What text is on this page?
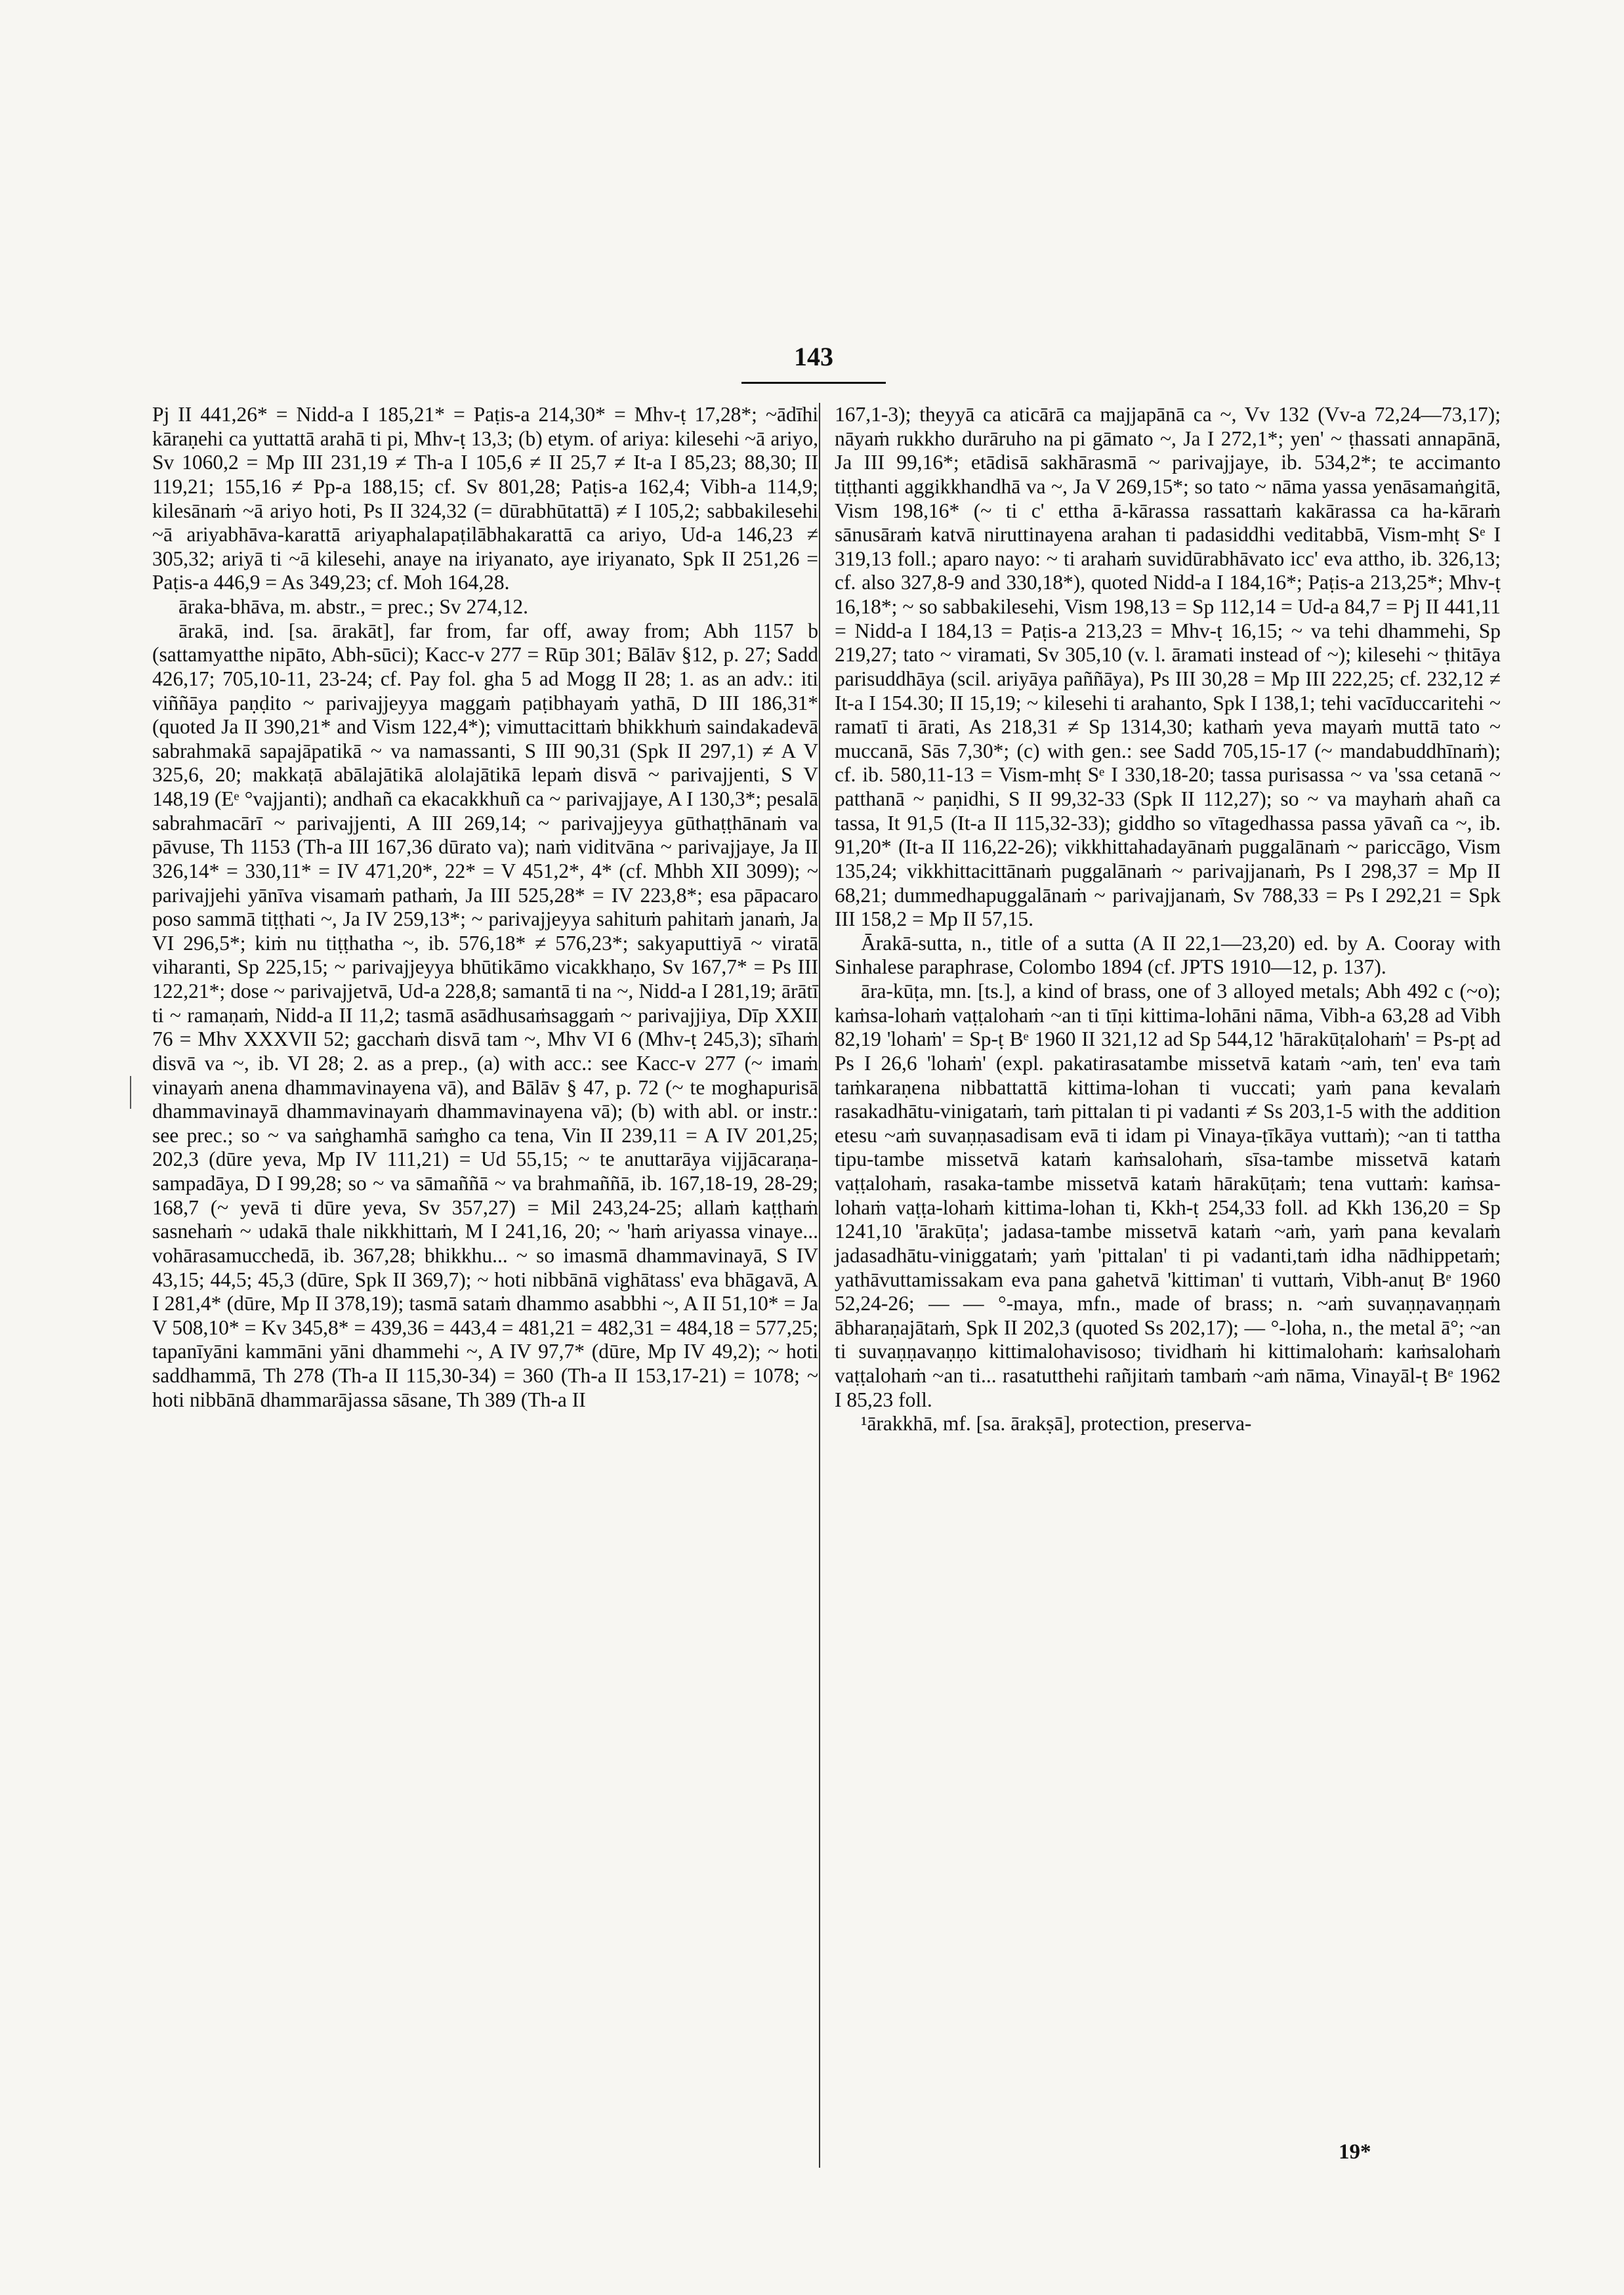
143

Pj II 441,26* = Nidd-a I 185,21* = Paṭis-a 214,30* = Mhv-ṭ 17,28*; ~ādīhi kāraṇehi ca yuttattā arahā ti pi, Mhv-ṭ 13,3; (b) etym. of ariya: kilesehi ~ā ariyo, Sv 1060,2 = Mp III 231,19 ≠ Th-a I 105,6 ≠ II 25,7 ≠ It-a I 85,23; 88,30; II 119,21; 155,16 ≠ Pp-a 188,15; cf. Sv 801,28; Paṭis-a 162,4; Vibh-a 114,9; kilesānaṁ ~ā ariyo hoti, Ps II 324,32 (= dūrabhūtattā) ≠ I 105,2; sabbakilesehi ~ā ariyabhāva-karattā ariyaphalapaṭilābhakarattā ca ariyo, Ud-a 146,23 ≠ 305,32; ariyā ti ~ā kilesehi, anaye na iriyanato, aye iriyanato, Spk II 251,26 = Paṭis-a 446,9 = As 349,23; cf. Moh 164,28.

āraka-bhāva, m. abstr., = prec.; Sv 274,12.

ārakā, ind. [sa. ārakāt], far from, far off, away from; Abh 1157 b (sattamyatthe nipāto, Abh-sūci); Kacc-v 277 = Rūp 301; Bālāv §12, p. 27; Sadd 426,17; 705,10-11, 23-24; cf. Pay fol. gha 5 ad Mogg II 28; 1. as an adv.: iti viññāya paṇḍito ~ parivajjeyya maggaṁ paṭibhayaṁ yathā, D III 186,31* (quoted Ja II 390,21* and Vism 122,4*); vimuttacittaṁ bhikkhuṁ saindakadevā sabrahmakā sapajāpatikā ~ va namassanti, S III 90,31 (Spk II 297,1) ≠ A V 325,6, 20; makkaṭā abālajātikā alolajātikā lepaṁ disvā ~ parivajjenti, S V 148,19 (Eᵉ °vajjanti); andhañ ca ekacakkhuñ ca ~ parivajjaye, A I 130,3*; pesalā sabrahmacārī ~ parivajjenti, A III 269,14; ~ parivajjeyya gūthaṭṭhānaṁ va pāvuse, Th 1153 (Th-a III 167,36 dūrato va); naṁ viditvāna ~ parivajjaye, Ja II 326,14* = 330,11* = IV 471,20*, 22* = V 451,2*, 4* (cf. Mhbh XII 3099); ~ parivajjehi yānīva visamaṁ pathaṁ, Ja III 525,28* = IV 223,8*; esa pāpacaro poso sammā tiṭṭhati ~, Ja IV 259,13*; ~ parivajjeyya sahituṁ pahitaṁ janaṁ, Ja VI 296,5*; kiṁ nu tiṭṭhatha ~, ib. 576,18* ≠ 576,23*; sakyaputtiyā ~ viratā viharanti, Sp 225,15; ~ parivajjeyya bhūtikāmo vicakkhaṇo, Sv 167,7* = Ps III 122,21*; dose ~ parivajjetvā, Ud-a 228,8; samantā ti na ~, Nidd-a I 281,19; ārātī ti ~ ramaṇaṁ, Nidd-a II 11,2; tasmā asādhusaṁsaggaṁ ~ parivajjiya, Dīp XXII 76 = Mhv XXXVII 52; gacchaṁ disvā tam ~, Mhv VI 6 (Mhv-ṭ 245,3); sīhaṁ disvā va ~, ib. VI 28; 2. as a prep., (a) with acc.: see Kacc-v 277 (~ imaṁ vinayaṁ anena dhammavinayena vā), and Bālāv § 47, p. 72 (~ te moghapurisā dhammavinayā dhammavinayaṁ dhammavinayena vā); (b) with abl. or instr.: see prec.; so ~ va saṅghamhā saṁgho ca tena, Vin II 239,11 = A IV 201,25; 202,3 (dūre yeva, Mp IV 111,21) = Ud 55,15; ~ te anuttarāya vijjācaraṇa-sampadāya, D I 99,28; so ~ va sāmaññā ~ va brahmaññā, ib. 167,18-19, 28-29; 168,7 (~ yevā ti dūre yeva, Sv 357,27) = Mil 243,24-25; allaṁ kaṭṭhaṁ sasnehaṁ ~ udakā thale nikkhittaṁ, M I 241,16, 20; ~ 'haṁ ariyassa vinaye... vohārasamucchedā, ib. 367,28; bhikkhu... ~ so imasmā dhammavinayā, S IV 43,15; 44,5; 45,3 (dūre, Spk II 369,7); ~ hoti nibbānā vighātass' eva bhāgavā, A I 281,4* (dūre, Mp II 378,19); tasmā sataṁ dhammo asabbhi ~, A II 51,10* = Ja V 508,10* = Kv 345,8* = 439,36 = 443,4 = 481,21 = 482,31 = 484,18 = 577,25; tapanīyāni kammāni yāni dhammehi ~, A IV 97,7* (dūre, Mp IV 49,2); ~ hoti saddhammā, Th 278 (Th-a II 115,30-34) = 360 (Th-a II 153,17-21) = 1078; ~ hoti nibbānā dhammarājassa sāsane, Th 389 (Th-a II

167,1-3); theyyā ca aticārā ca majjapānā ca ~, Vv 132 (Vv-a 72,24—73,17); nāyaṁ rukkho durāruho na pi gāmato ~, Ja I 272,1*; yen' ~ ṭhassati annapānā, Ja III 99,16*; etādisā sakhārasmā ~ parivajjaye, ib. 534,2*; te accimanto tiṭṭhanti aggikkhandhā va ~, Ja V 269,15*; so tato ~ nāma yassa yenāsamaṅgitā, Vism 198,16* (~ ti c' ettha ā-kārassa rassattaṁ kakārassa ca ha-kāraṁ sānusāraṁ katvā niruttinayena arahan ti padasiddhi veditabbā, Vism-mhṭ Sᵉ I 319,13 foll.; aparo nayo: ~ ti arahaṁ suvidūrabhāvato icc' eva attho, ib. 326,13; cf. also 327,8-9 and 330,18*), quoted Nidd-a I 184,16*; Paṭis-a 213,25*; Mhv-ṭ 16,18*; ~ so sabbakilesehi, Vism 198,13 = Sp 112,14 = Ud-a 84,7 = Pj II 441,11 = Nidd-a I 184,13 = Paṭis-a 213,23 = Mhv-ṭ 16,15; ~ va tehi dhammehi, Sp 219,27; tato ~ viramati, Sv 305,10 (v. l. āramati instead of ~); kilesehi ~ ṭhitāya parisuddhāya (scil. ariyāya paññāya), Ps III 30,28 = Mp III 222,25; cf. 232,12 ≠ It-a I 154.30; II 15,19; ~ kilesehi ti arahanto, Spk I 138,1; tehi vacīduccaritehi ~ ramatī ti ārati, As 218,31 ≠ Sp 1314,30; kathaṁ yeva mayaṁ muttā tato ~ muccanā, Sās 7,30*; (c) with gen.: see Sadd 705,15-17 (~ mandabuddhīnaṁ); cf. ib. 580,11-13 = Vism-mhṭ Sᵉ I 330,18-20; tassa purisassa ~ va 'ssa cetanā ~ patthanā ~ paṇidhi, S II 99,32-33 (Spk II 112,27); so ~ va mayhaṁ ahañ ca tassa, It 91,5 (It-a II 115,32-33); giddho so vītagedhassa passa yāvañ ca ~, ib. 91,20* (It-a II 116,22-26); vikkhittahadayānaṁ puggalānaṁ ~ pariccāgo, Vism 135,24; vikkhittacittānaṁ puggalānaṁ ~ parivajjanaṁ, Ps I 298,37 = Mp II 68,21; dummedhapuggalānaṁ ~ parivajjanaṁ, Sv 788,33 = Ps I 292,21 = Spk III 158,2 = Mp II 57,15.

Ārakā-sutta, n., title of a sutta (A II 22,1—23,20) ed. by A. Cooray with Sinhalese paraphrase, Colombo 1894 (cf. JPTS 1910—12, p. 137).

āra-kūṭa, mn. [ts.], a kind of brass, one of 3 alloyed metals; Abh 492 c (~o); kaṁsa-lohaṁ vaṭṭalohaṁ ~an ti tīṇi kittima-lohāni nāma, Vibh-a 63,28 ad Vibh 82,19 'lohaṁ' = Sp-ṭ Bᵉ 1960 II 321,12 ad Sp 544,12 'hārakūṭalohaṁ' = Ps-pṭ ad Ps I 26,6 'lohaṁ' (expl. pakatirasatambe missetvā kataṁ ~aṁ, ten' eva taṁ taṁkaraṇena nibbattattā kittima-lohan ti vuccati; yaṁ pana kevalaṁ rasakadhātu-vinigataṁ, taṁ pittalan ti pi vadanti ≠ Ss 203,1-5 with the addition etesu ~aṁ suvaṇṇasadisam evā ti idam pi Vinaya-ṭīkāya vuttaṁ); ~an ti tattha tipu-tambe missetvā kataṁ kaṁsalohaṁ, sīsa-tambe missetvā kataṁ vaṭṭalohaṁ, rasaka-tambe missetvā kataṁ hārakūṭaṁ; tena vuttaṁ: kaṁsa-lohaṁ vaṭṭa-lohaṁ kittima-lohan ti, Kkh-ṭ 254,33 foll. ad Kkh 136,20 = Sp 1241,10 'ārakūṭa'; jadasa-tambe missetvā kataṁ ~aṁ, yaṁ pana kevalaṁ jadasadhātu-viniggataṁ; yaṁ 'pittalan' ti pi vadanti,taṁ idha nādhippetaṁ; yathāvuttamissakam eva pana gahetvā 'kittiman' ti vuttaṁ, Vibh-anuṭ Bᵉ 1960 52,24-26; — — °-maya, mfn., made of brass; n. ~aṁ suvaṇṇavaṇṇaṁ ābharaṇajātaṁ, Spk II 202,3 (quoted Ss 202,17); — °-loha, n., the metal ā°; ~an ti suvaṇṇavaṇṇo kittimalohavisoso; tividhaṁ hi kittimalohaṁ: kaṁsalohaṁ vaṭṭalohaṁ ~an ti... rasatutthehi rañjitaṁ tambaṁ ~aṁ nāma, Vinayāl-ṭ Bᵉ 1962 I 85,23 foll.

¹ārakkhā, mf. [sa. ārakṣā], protection, preserva-

19*
